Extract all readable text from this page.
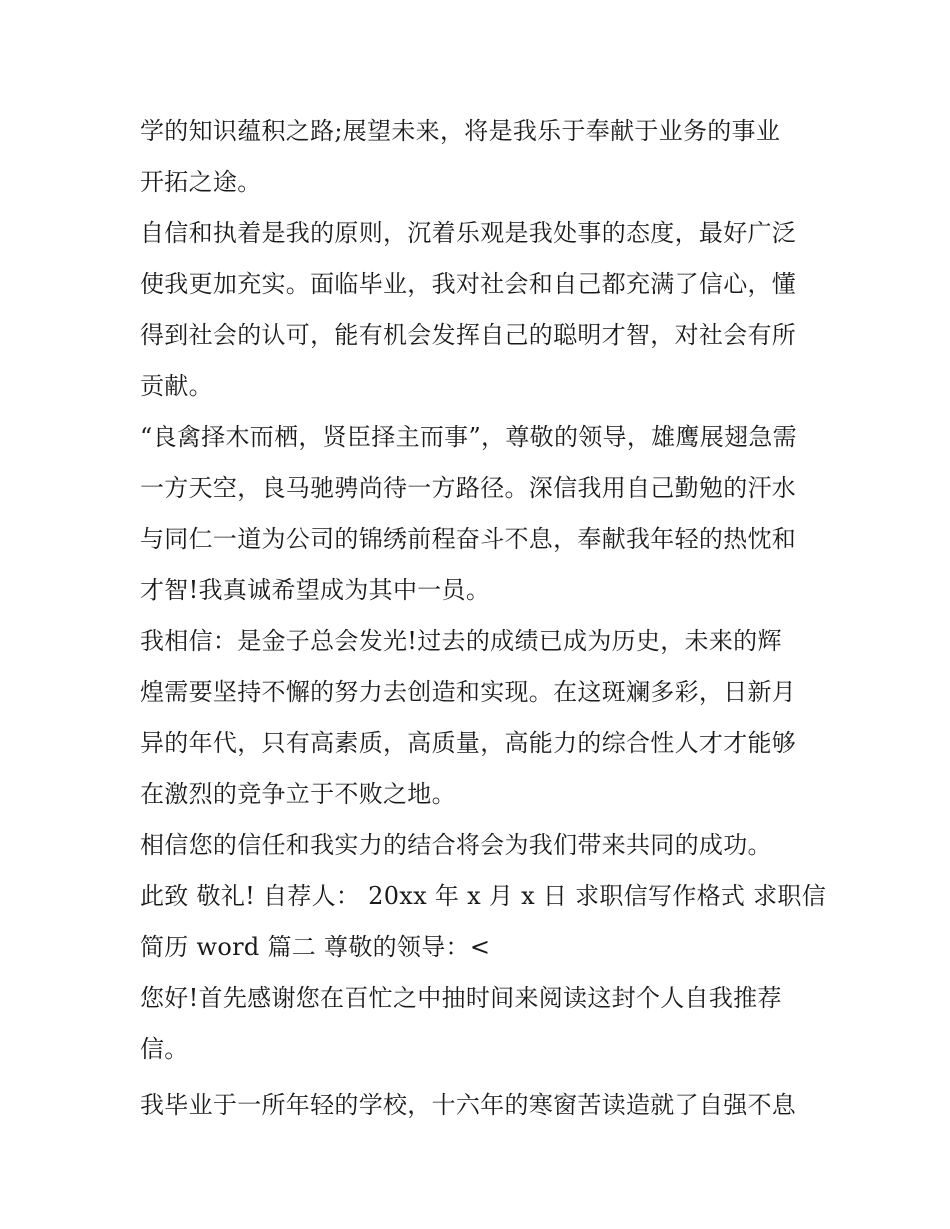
学的知识蕴积之路;展望未来，将是我乐于奉献于业务的事业
开拓之途。

自信和执着是我的原则，沉着乐观是我处事的态度，最好广泛
使我更加充实。面临毕业，我对社会和自己都充满了信心，懂
得到社会的认可，能有机会发挥自己的聪明才智，对社会有所
贡献。

“良禽择木而栖，贤臣择主而事”，尊敬的领导，雄鹰展翅急需
一方天空，良马驰骋尚待一方路径。深信我用自己勤勉的汗水
与同仁一道为公司的锦绣前程奋斗不息，奉献我年轻的热忱和
才智!我真诚希望成为其中一员。

我相信：是金子总会发光!过去的成绩已成为历史，未来的辉
煌需要坚持不懈的努力去创造和实现。在这斑斓多彩，日新月
异的年代，只有高素质，高质量，高能力的综合性人才才能够
在激烈的竞争立于不败之地。

相信您的信任和我实力的结合将会为我们带来共同的成功。

此致 敬礼! 自荐人： 20xx 年 x 月 x 日 求职信写作格式 求职信
简历 word 篇二 尊敬的领导：<

您好!首先感谢您在百忙之中抽时间来阅读这封个人自我推荐
信。

我毕业于一所年轻的学校，十六年的寒窗苦读造就了自强不息
